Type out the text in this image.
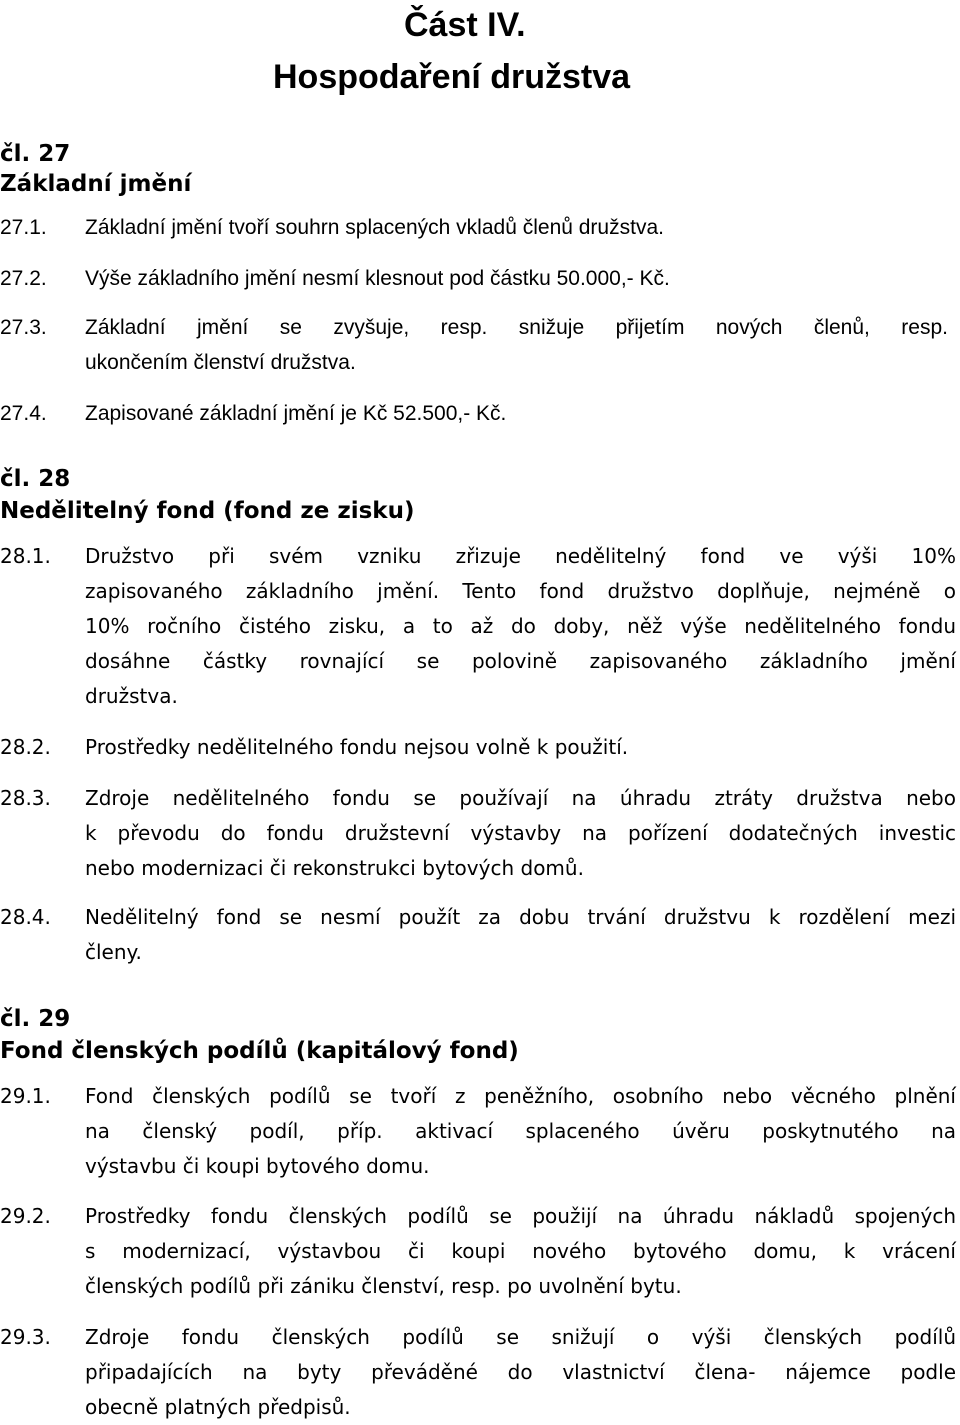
Část IV.
Hospodaření družstva
čl. 27
Základní jmění
27.1. Základní jmění tvoří souhrn splacených vkladů členů družstva.
27.2. Výše základního jmění nesmí klesnout pod částku 50.000,- Kč.
27.3. Základní jmění se zvyšuje, resp. snižuje přijetím nových členů, resp.
ukončením členství družstva.
27.4. Zapisované základní jmění je Kč 52.500,- Kč.
čl. 28
Nedělitelný fond (fond ze zisku)
28.1. Družstvo při svém vzniku zřizuje nedělitelný fond ve výši 10%
zapisovaného základního jmění. Tento fond družstvo doplňuje, nejméně o
10% ročního čistého zisku, a to až do doby, něž výše nedělitelného fondu
dosáhne částky rovnající se polovině zapisovaného základního jmění
družstva.
28.2. Prostředky nedělitelného fondu nejsou volně k použití.
28.3. Zdroje nedělitelného fondu se používají na úhradu ztráty družstva nebo
k převodu do fondu družstevní výstavby na pořízení dodatečných investic
nebo modernizaci či rekonstrukci bytových domů.
28.4. Nedělitelný fond se nesmí použít za dobu trvání družstvu k rozdělení mezi
členy.
čl. 29
Fond členských podílů (kapitálový fond)
29.1. Fond členských podílů se tvoří z peněžního, osobního nebo věcného plnění
na členský podíl, příp. aktivací splaceného úvěru poskytnutého na
výstavbu či koupi bytového domu.
29.2. Prostředky fondu členských podílů se použijí na úhradu nákladů spojených
s modernizací, výstavbou či koupi nového bytového domu, k vrácení
členských podílů při zániku členství, resp. po uvolnění bytu.
29.3. Zdroje fondu členských podílů se snižují o výši členských podílů
připadajících na byty převáděné do vlastnictví člena- nájemce podle
obecně platných předpisů.
